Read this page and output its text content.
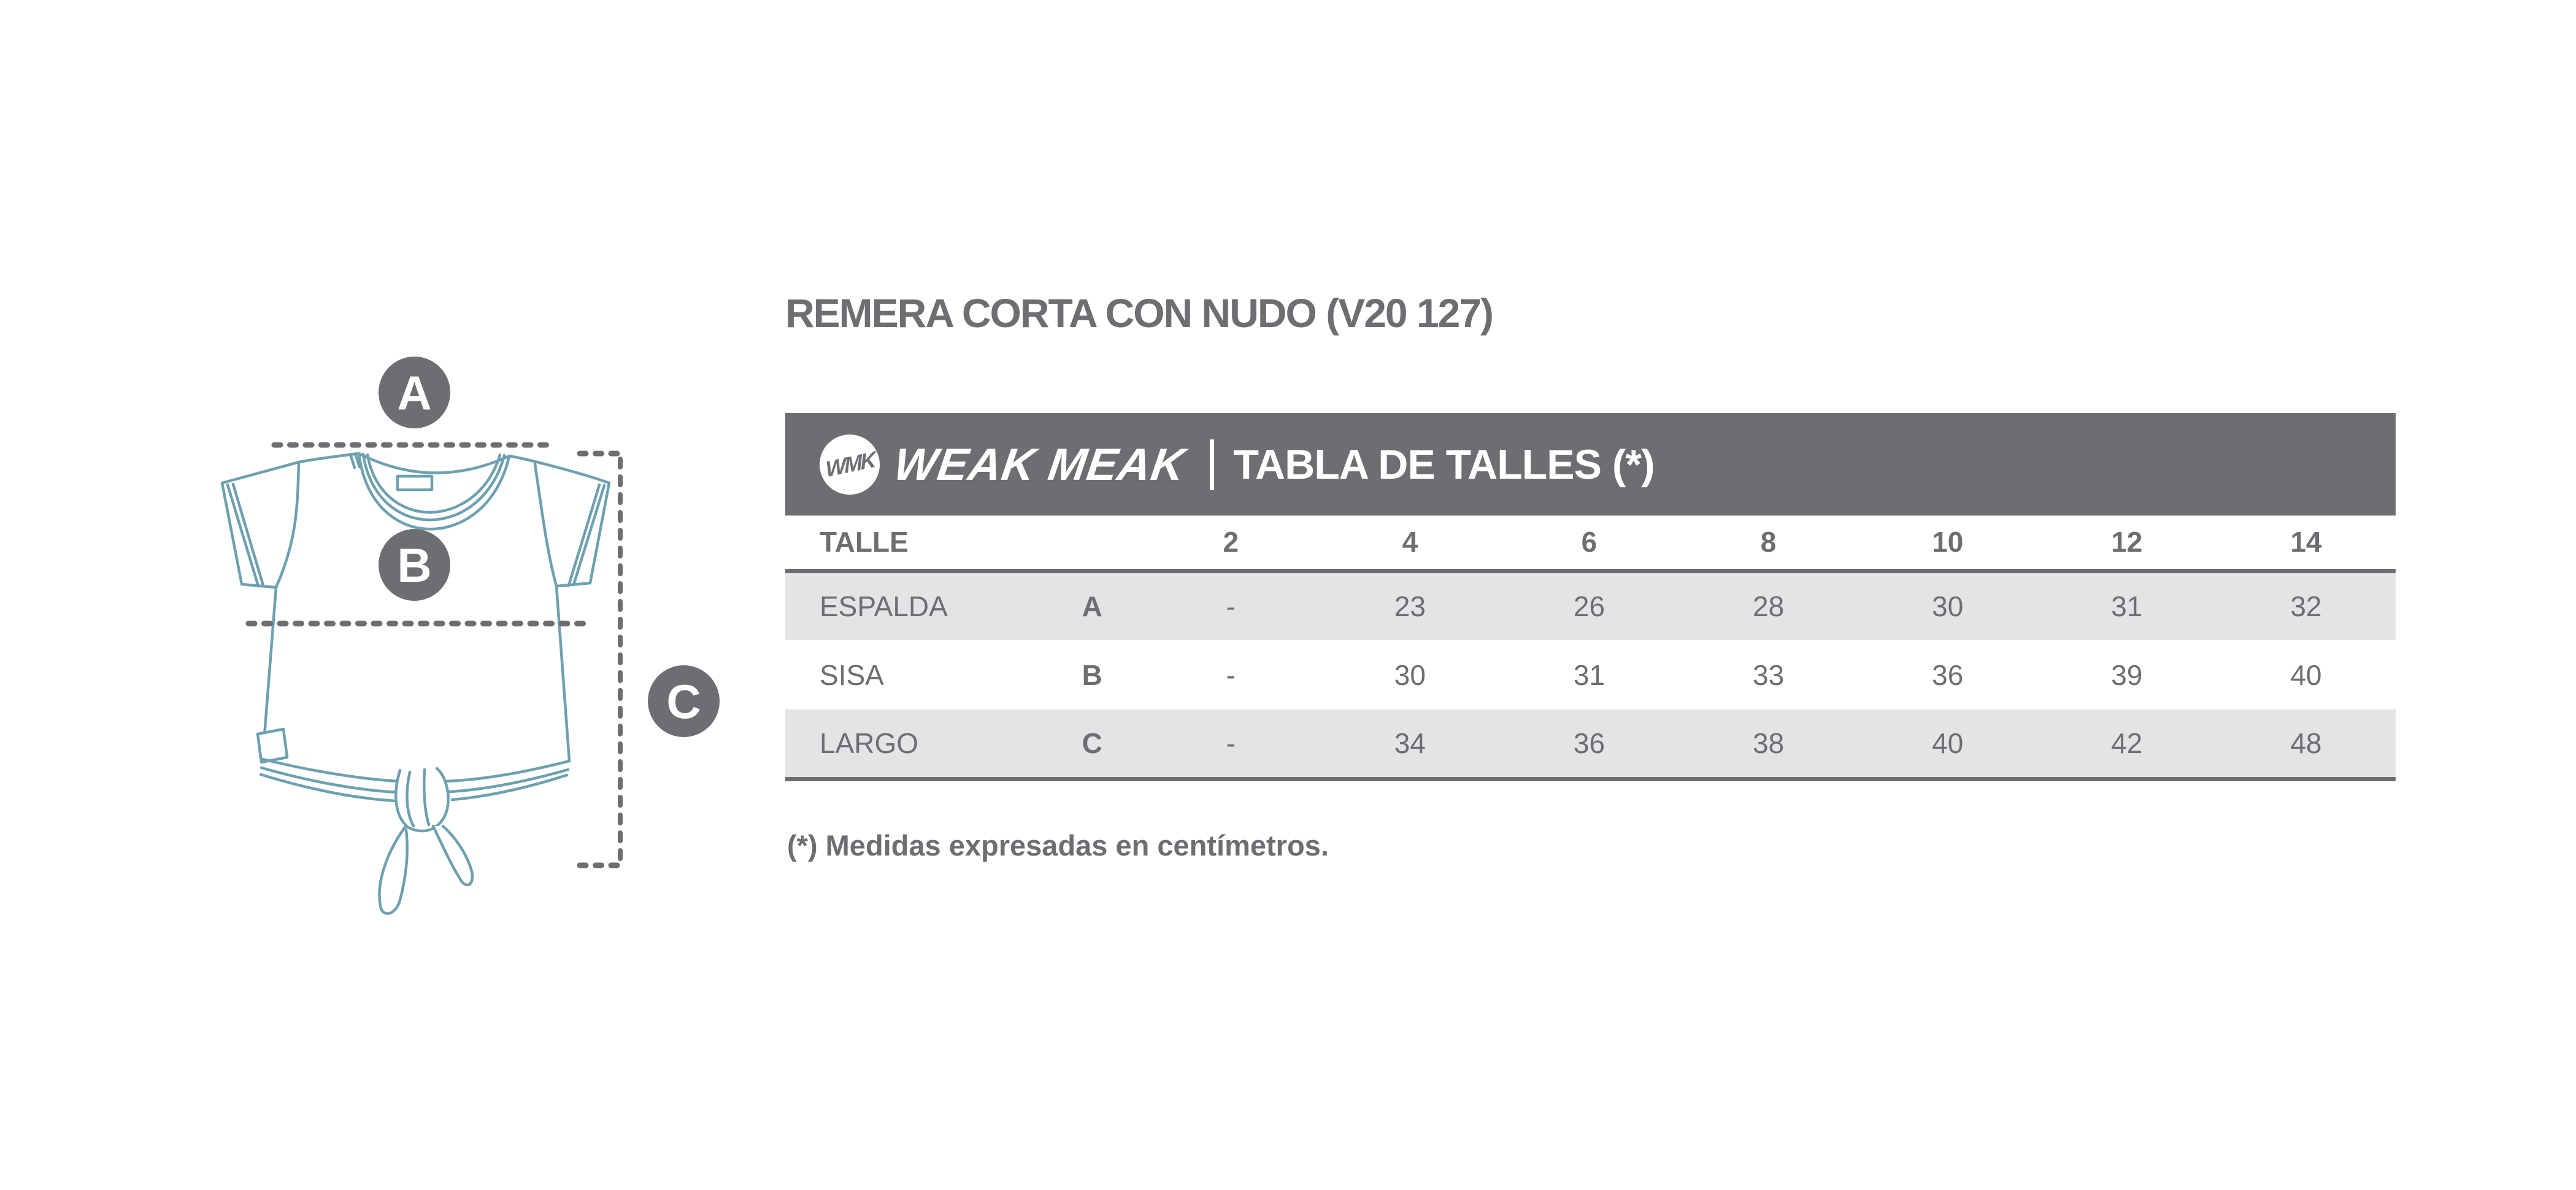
A
B
C
REMERA CORTA CON NUDO (V20 127)
WMK WEAK MEAK TABLA DE TALLES (*)
TALLE		2	4	6	8	10	12	14
ESPALDA	A	-	23	26	28	30	31	32
SISA	B	-	30	31	33	36	39	40
LARGO	C	-	34	36	38	40	42	48

(*) Medidas expresadas en centímetros.
